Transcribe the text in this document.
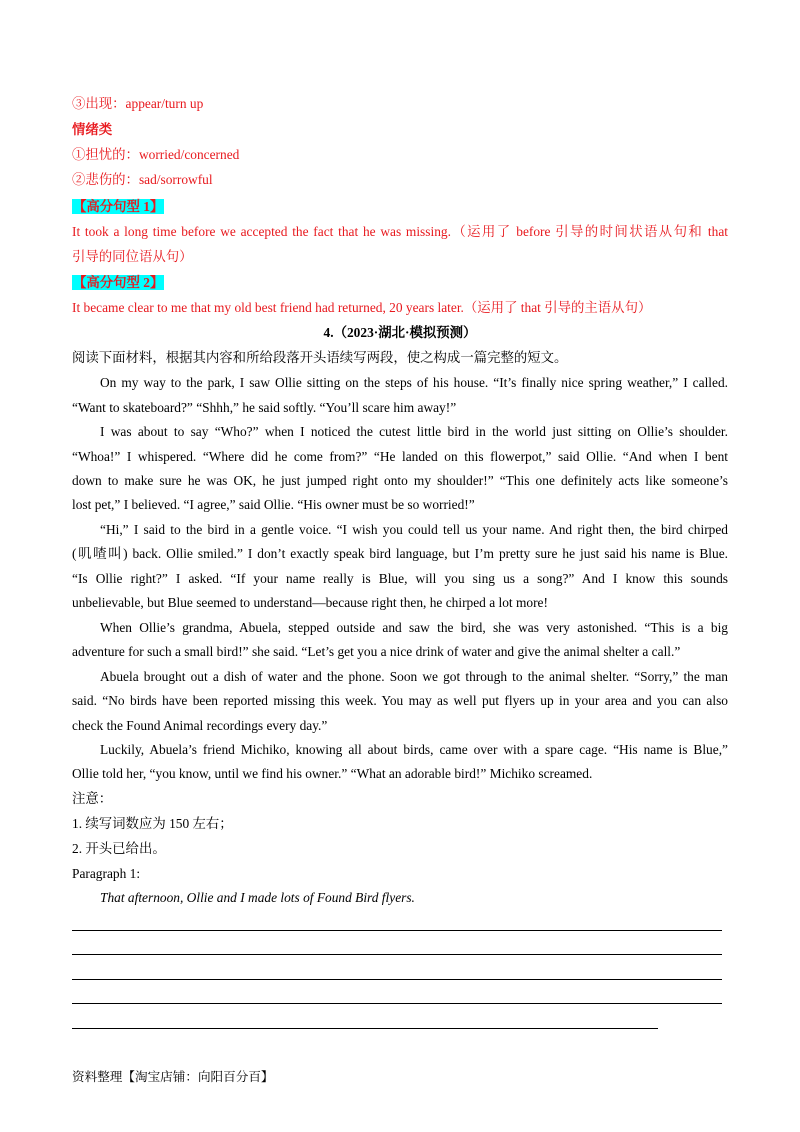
③出现：appear/turn up
情绪类
①担忧的：worried/concerned
②悲伤的：sad/sorrowful
【高分句型 1】
It took a long time before we accepted the fact that he was missing.（运用了 before 引导的时间状语从句和 that
引导的同位语从句）
【高分句型 2】
It became clear to me that my old best friend had returned, 20 years later.（运用了 that 引导的主语从句）
4.（2023·湖北·模拟预测）
阅读下面材料，根据其内容和所给段落开头语续写两段，使之构成一篇完整的短文。
On my way to the park, I saw Ollie sitting on the steps of his house. “It’s finally nice spring weather,” I called.
“Want to skateboard?” “Shhh,” he said softly. “You’ll scare him away!”
I was about to say “Who?” when I noticed the cutest little bird in the world just sitting on Ollie’s shoulder.
“Whoa!” I whispered. “Where did he come from?” “He landed on this flowerpot,” said Ollie. “And when I bent
down to make sure he was OK, he just jumped right onto my shoulder!” “This one definitely acts like someone’s
lost pet,” I believed. “I agree,” said Ollie. “His owner must be so worried!”
“Hi,” I said to the bird in a gentle voice. “I wish you could tell us your name. And right then, the bird chirped
(叽喳叫) back. Ollie smiled.” I don’t exactly speak bird language, but I’m pretty sure he just said his name is Blue.
“Is Ollie right?” I asked. “If your name really is Blue, will you sing us a song?” And I know this sounds
unbelievable, but Blue seemed to understand—because right then, he chirped a lot more!
When Ollie’s grandma, Abuela, stepped outside and saw the bird, she was very astonished. “This is a big
adventure for such a small bird!” she said. “Let’s get you a nice drink of water and give the animal shelter a call.”
Abuela brought out a dish of water and the phone. Soon we got through to the animal shelter. “Sorry,” the man
said. “No birds have been reported missing this week. You may as well put flyers up in your area and you can also
check the Found Animal recordings every day.”
Luckily, Abuela’s friend Michiko, knowing all about birds, came over with a spare cage. “His name is Blue,”
Ollie told her, “you know, until we find his owner.” “What an adorable bird!” Michiko screamed.
注意：
1. 续写词数应为 150 左右；
2. 开头已给出。
Paragraph 1:
That afternoon, Ollie and I made lots of Found Bird flyers.
资料整理【淘宝店铺：向阳百分百】
